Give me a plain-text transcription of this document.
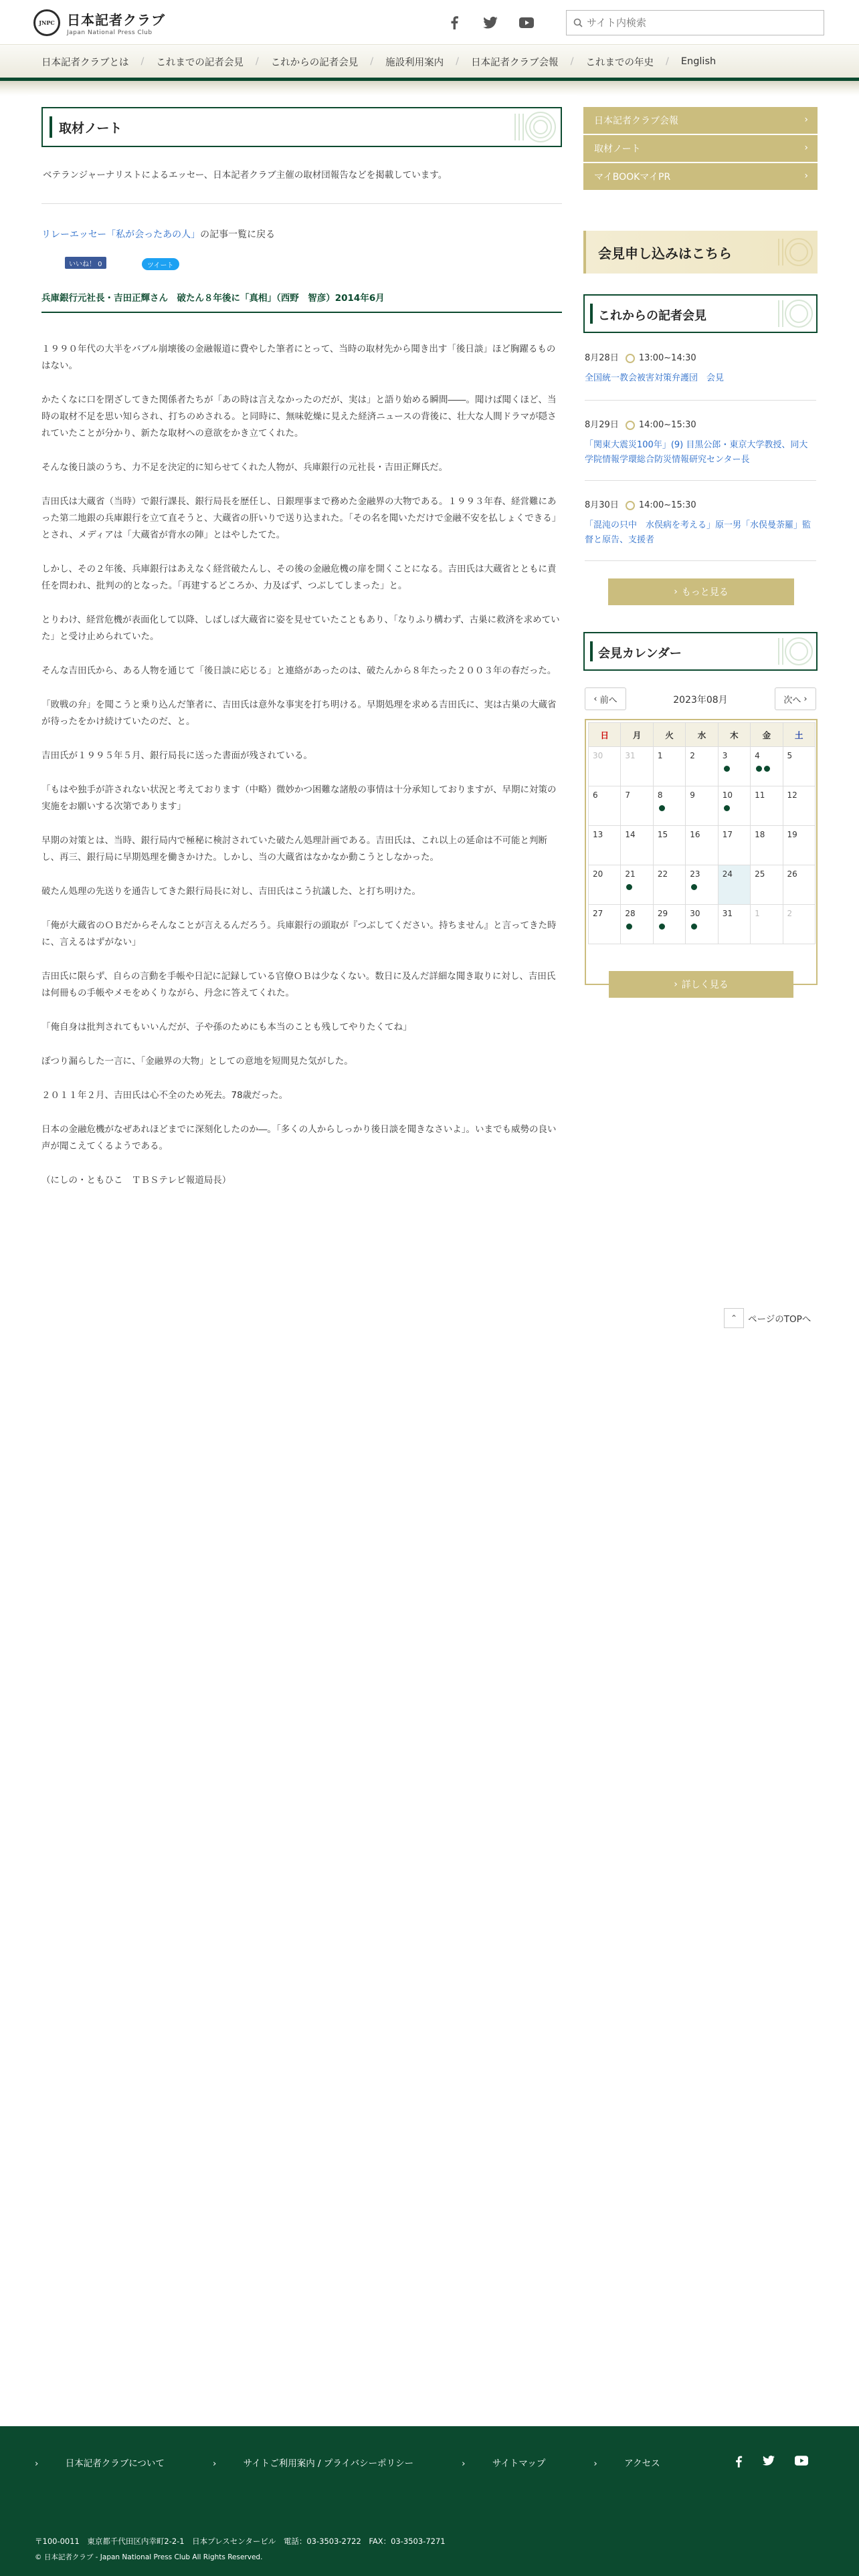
JNPC 日本記者クラブ
Japan National Press Club
サイト内検索
日本記者クラブとは / これまでの記者会見 / これからの記者会見 / 施設利用案内 / 日本記者クラブ会報 / これまでの年史 / English
取材ノート
ベテランジャーナリストによるエッセー、日本記者クラブ主催の取材団報告などを掲載しています。
リレーエッセー「私が会ったあの人」の記事一覧に戻る
いいね！ 0	ツイート
兵庫銀行元社長・吉田正輝さん　破たん８年後に「真相」（西野　智彦）2014年6月

１９９０年代の大半をバブル崩壊後の金融報道に費やした筆者にとって、当時の取材先から聞き出す「後日談」ほど胸躍るものはない。

かたくなに口を閉ざしてきた関係者たちが「あの時は言えなかったのだが、実は」と語り始める瞬間――。聞けば聞くほど、当時の取材不足を思い知らされ、打ちのめされる。と同時に、無味乾燥に見えた経済ニュースの背後に、壮大な人間ドラマが隠されていたことが分かり、新たな取材への意欲をかき立てくれた。

そんな後日談のうち、力不足を決定的に知らせてくれた人物が、兵庫銀行の元社長・吉田正輝氏だ。

吉田氏は大蔵省（当時）で銀行課長、銀行局長を歴任し、日銀理事まで務めた金融界の大物である。１９９３年春、経営難にあった第二地銀の兵庫銀行を立て直そうと、大蔵省の肝いりで送り込まれた。「その名を聞いただけで金融不安を払しょくできる」とされ、メディアは「大蔵省が背水の陣」とはやしたてた。

しかし、その２年後、兵庫銀行はあえなく経営破たんし、その後の金融危機の扉を開くことになる。吉田氏は大蔵省とともに責任を問われ、批判の的となった。「再建するどころか、力及ばず、つぶしてしまった」と。

とりわけ、経営危機が表面化して以降、しばしば大蔵省に姿を見せていたこともあり、「なりふり構わず、古巣に救済を求めていた」と受け止められていた。

そんな吉田氏から、ある人物を通じて「後日談に応じる」と連絡があったのは、破たんから８年たった２００３年の春だった。

「敗戦の弁」を聞こうと乗り込んだ筆者に、吉田氏は意外な事実を打ち明ける。早期処理を求める吉田氏に、実は古巣の大蔵省が待ったをかけ続けていたのだ、と。

吉田氏が１９９５年５月、銀行局長に送った書面が残されている。

「もはや独手が許されない状況と考えております（中略）微妙かつ困難な諸般の事情は十分承知しておりますが、早期に対策の実施をお願いする次第であります」

早期の対策とは、当時、銀行局内で極秘に検討されていた破たん処理計画である。吉田氏は、これ以上の延命は不可能と判断し、再三、銀行局に早期処理を働きかけた。しかし、当の大蔵省はなかなか動こうとしなかった。

破たん処理の先送りを通告してきた銀行局長に対し、吉田氏はこう抗議した、と打ち明けた。

「俺が大蔵省のＯＢだからそんなことが言えるんだろう。兵庫銀行の頭取が『つぶしてください。持ちません』と言ってきた時に、言えるはずがない」

吉田氏に限らず、自らの言動を手帳や日記に記録している官僚ＯＢは少なくない。数日に及んだ詳細な聞き取りに対し、吉田氏は何冊もの手帳やメモをめくりながら、丹念に答えてくれた。

「俺自身は批判されてもいいんだが、子や孫のためにも本当のことも残してやりたくてね」

ぽつり漏らした一言に、「金融界の大物」としての意地を短間見た気がした。

２０１１年２月、吉田氏は心不全のため死去。78歳だった。

日本の金融危機がなぜあれほどまでに深刻化したのか―。「多くの人からしっかり後日談を聞きなさいよ」。いまでも威勢の良い声が聞こえてくるようである。

（にしの・ともひこ　ＴＢＳテレビ報道局長）

⌃	ページのTOPへ
日本記者クラブ会報	›
取材ノート	›
マイBOOKマイPR	›
会見申し込みはこちら
これからの記者会見
8月28日 13:00~14:30
全国統一教会被害対策弁護団　会見
8月29日 14:00~15:30
「関東大震災100年」(9) 目黒公郎・東京大学教授、同大学院情報学環総合防災情報研究センター長
8月30日 14:00~15:30
「混沌の只中　水俣病を考える」原一男「水俣曼荼羅」監督と原告、支援者
› もっと見る
会見カレンダー
‹ 前へ	2023年08月	次へ ›
日	月	火	水	木	金	土
30	31	1	2	3	4	5
6	7	8	9	10	11	12
13	14	15	16	17	18	19
20	21	22	23	24	25	26
27	28	29	30	31	1	2
› 詳しく見る
›	日本記者クラブについて	›	サイトご利用案内 / プライバシーポリシー	›	サイトマップ	›	アクセス
〒100-0011　東京都千代田区内幸町2-2-1　日本プレスセンタービル　電話：03-3503-2722　FAX：03-3503-7271
© 日本記者クラブ - Japan National Press Club All Rights Reserved.
